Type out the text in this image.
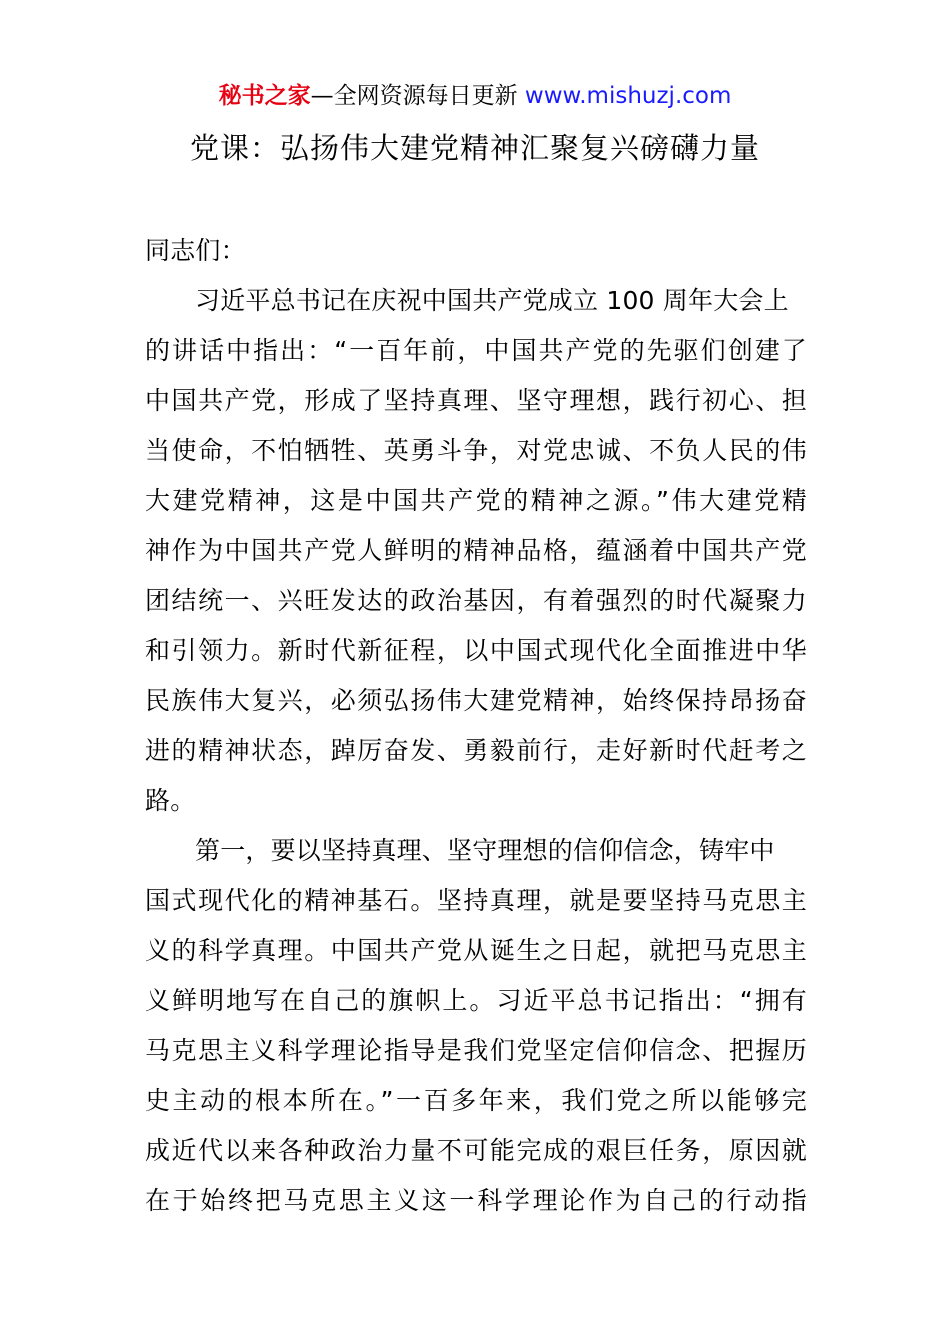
秘书之家—全网资源每日更新 www.mishuzj.com
党课：弘扬伟大建党精神汇聚复兴磅礴力量
同志们：
习近平总书记在庆祝中国共产党成立 100 周年大会上
的讲话中指出：“一百年前，中国共产党的先驱们创建了
中国共产党，形成了坚持真理、坚守理想，践行初心、担
当使命，不怕牺牲、英勇斗争，对党忠诚、不负人民的伟
大建党精神，这是中国共产党的精神之源。”伟大建党精
神作为中国共产党人鲜明的精神品格，蕴涵着中国共产党
团结统一、兴旺发达的政治基因，有着强烈的时代凝聚力
和引领力。新时代新征程，以中国式现代化全面推进中华
民族伟大复兴，必须弘扬伟大建党精神，始终保持昂扬奋
进的精神状态，踔厉奋发、勇毅前行，走好新时代赶考之
路。
第一，要以坚持真理、坚守理想的信仰信念，铸牢中
国式现代化的精神基石。坚持真理，就是要坚持马克思主
义的科学真理。中国共产党从诞生之日起，就把马克思主
义鲜明地写在自己的旗帜上。习近平总书记指出：“拥有
马克思主义科学理论指导是我们党坚定信仰信念、把握历
史主动的根本所在。”一百多年来，我们党之所以能够完
成近代以来各种政治力量不可能完成的艰巨任务，原因就
在于始终把马克思主义这一科学理论作为自己的行动指
